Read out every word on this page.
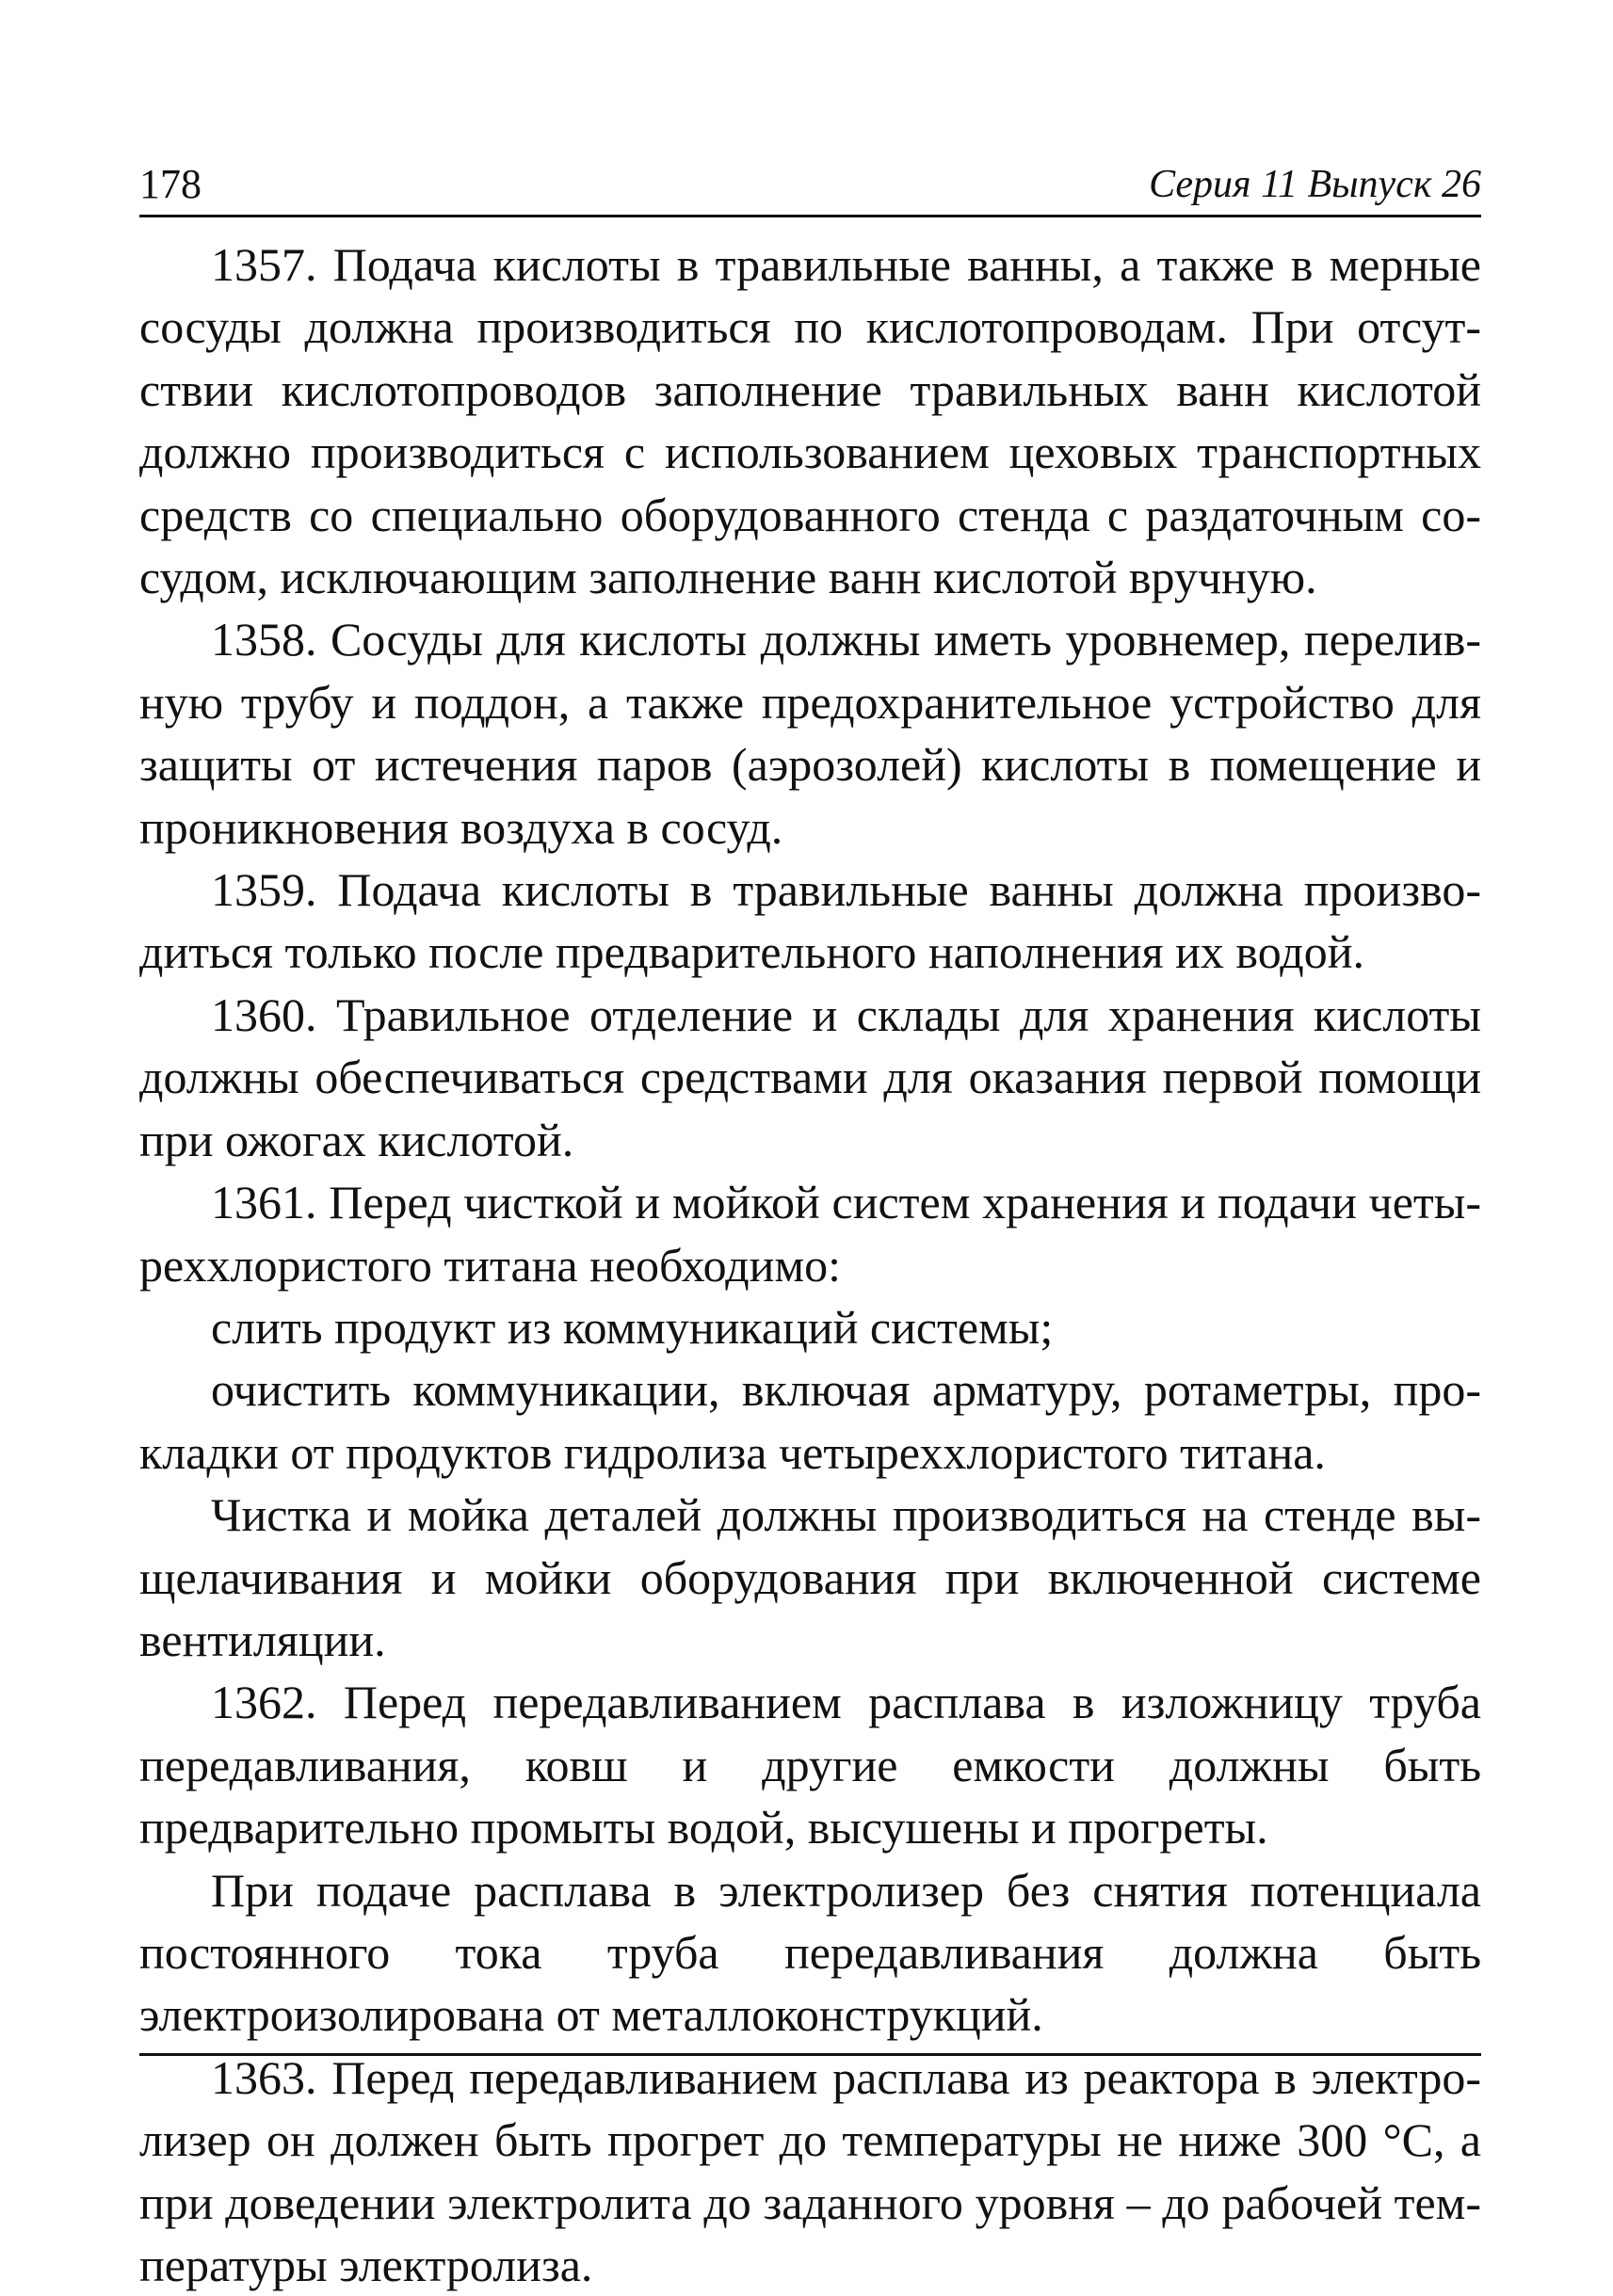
178	Серия 11 Выпуск 26

1357. Подача кислоты в травильные ванны, а также в мерные сосуды должна производиться по кислотопроводам. При отсутствии кислотопроводов заполнение травильных ванн кислотой должно производиться с использованием цеховых транспортных средств со специально оборудованного стенда с раздаточным сосудом, исключающим заполнение ванн кислотой вручную.

1358. Сосуды для кислоты должны иметь уровнемер, переливную трубу и поддон, а также предохранительное устройство для защиты от истечения паров (аэрозолей) кислоты в помещение и проникновения воздуха в сосуд.

1359. Подача кислоты в травильные ванны должна производиться только после предварительного наполнения их водой.

1360. Травильное отделение и склады для хранения кислоты должны обеспечиваться средствами для оказания первой помощи при ожогах кислотой.

1361. Перед чисткой и мойкой систем хранения и подачи четыреххлористого титана необходимо:

слить продукт из коммуникаций системы;

очистить коммуникации, включая арматуру, ротаметры, прокладки от продуктов гидролиза четыреххлористого титана.

Чистка и мойка деталей должны производиться на стенде выщелачивания и мойки оборудования при включенной системе вентиляции.

1362. Перед передавливанием расплава в изложницу труба передавливания, ковш и другие емкости должны быть предварительно промыты водой, высушены и прогреты.

При подаче расплава в электролизер без снятия потенциала постоянного тока труба передавливания должна быть электроизолирована от металлоконструкций.

1363. Перед передавливанием расплава из реактора в электролизер он должен быть прогрет до температуры не ниже 300 °С, а при доведении электролита до заданного уровня – до рабочей температуры электролиза.
